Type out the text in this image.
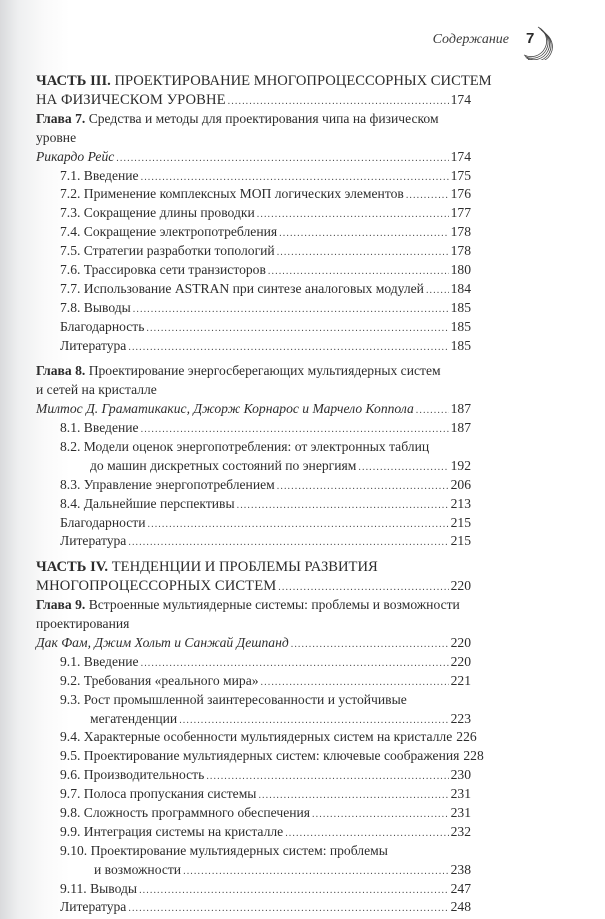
Содержание 7
ЧАСТЬ III. ПРОЕКТИРОВАНИЕ МНОГОПРОЦЕССОРНЫХ СИСТЕМ
НА ФИЗИЧЕСКОМ УРОВНЕ .....	174
Глава 7. Средства и методы для проектирования чипа на физическом
уровне
Рикардо Рейс .....	174
7.1. Введение .....	175
7.2. Применение комплексных МОП логических элементов .....	176
7.3. Сокращение длины проводки .....	177
7.4. Сокращение электропотребления .....	178
7.5. Стратегии разработки топологий .....	178
7.6. Трассировка сети транзисторов .....	180
7.7. Использование ASTRAN при синтезе аналоговых модулей ..... 184
7.8. Выводы .....	185
Благодарность .....	185
Литература .....	185
Глава 8. Проектирование энергосберегающих мультиядерных систем
и сетей на кристалле
Милтос Д. Граматикакис, Джорж Корнарос и Марчело Коппола .....	187
8.1. Введение .....	187
8.2. Модели оценок энергопотребления: от электронных таблиц
до машин дискретных состояний по энергиям .....	192
8.3. Управление энергопотреблением .....	206
8.4. Дальнейшие перспективы .....	213
Благодарности .....	215
Литература .....	215
ЧАСТЬ IV. ТЕНДЕНЦИИ И ПРОБЛЕМЫ РАЗВИТИЯ
МНОГОПРОЦЕССОРНЫХ СИСТЕМ .....	220
Глава 9. Встроенные мультиядерные системы: проблемы и возможности
проектирования
Дак Фам, Джим Хольт и Санжай Дешпанд .....	220
9.1. Введение .....	220
9.2. Требования «реального мира» .....	221
9.3. Рост промышленной заинтересованности и устойчивые
мегатенденции .....	223
9.4. Характерные особенности мультиядерных систем на кристалле 226
9.5. Проектирование мультиядерных систем: ключевые соображения 228
9.6. Производительность .....	230
9.7. Полоса пропускания системы .....	231
9.8. Сложность программного обеспечения .....	231
9.9. Интеграция системы на кристалле .....	232
9.10. Проектирование мультиядерных систем: проблемы
и возможности .....	238
9.11. Выводы .....	247
Литература .....	248
